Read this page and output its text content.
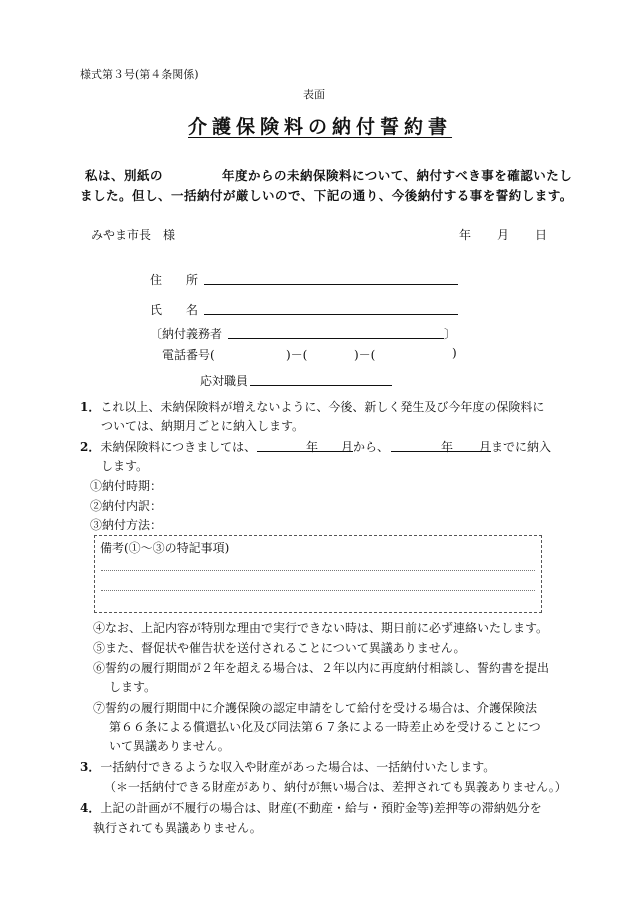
様式第３号(第４条関係)
表面
介護保険料の納付誓約書
私は、別紙の	年度からの未納保険料について、納付すべき事を確認いたし
ました。但し、一括納付が厳しいので、下記の通り、今後納付する事を誓約します。
みやま市長　様	年 月 日
住　　所
氏　　名
〔納付義務者	〕
電話番号(	)－(	)－(	)
応対職員
1．これ以上、未納保険料が増えないように、今後、新しく発生及び今年度の保険料に
ついては、納期月ごとに納入します。
2．未納保険料につきましては、	年 月から、	年 月までに納入
します。
①納付時期：
②納付内訳：
③納付方法：
備考(①～③の特記事項)
④なお、上記内容が特別な理由で実行できない時は、期日前に必ず連絡いたします。
⑤また、督促状や催告状を送付されることについて異議ありません。
⑥誓約の履行期間が２年を超える場合は、２年以内に再度納付相談し、誓約書を提出
します。
⑦誓約の履行期間中に介護保険の認定申請をして給付を受ける場合は、介護保険法
第６６条による償還払い化及び同法第６７条による一時差止めを受けることにつ
いて異議ありません。
3．一括納付できるような収入や財産があった場合は、一括納付いたします。
（＊一括納付できる財産があり、納付が無い場合は、差押されても異義ありません。）
4．上記の計画が不履行の場合は、財産(不動産・給与・預貯金等)差押等の滞納処分を
執行されても異議ありません。
